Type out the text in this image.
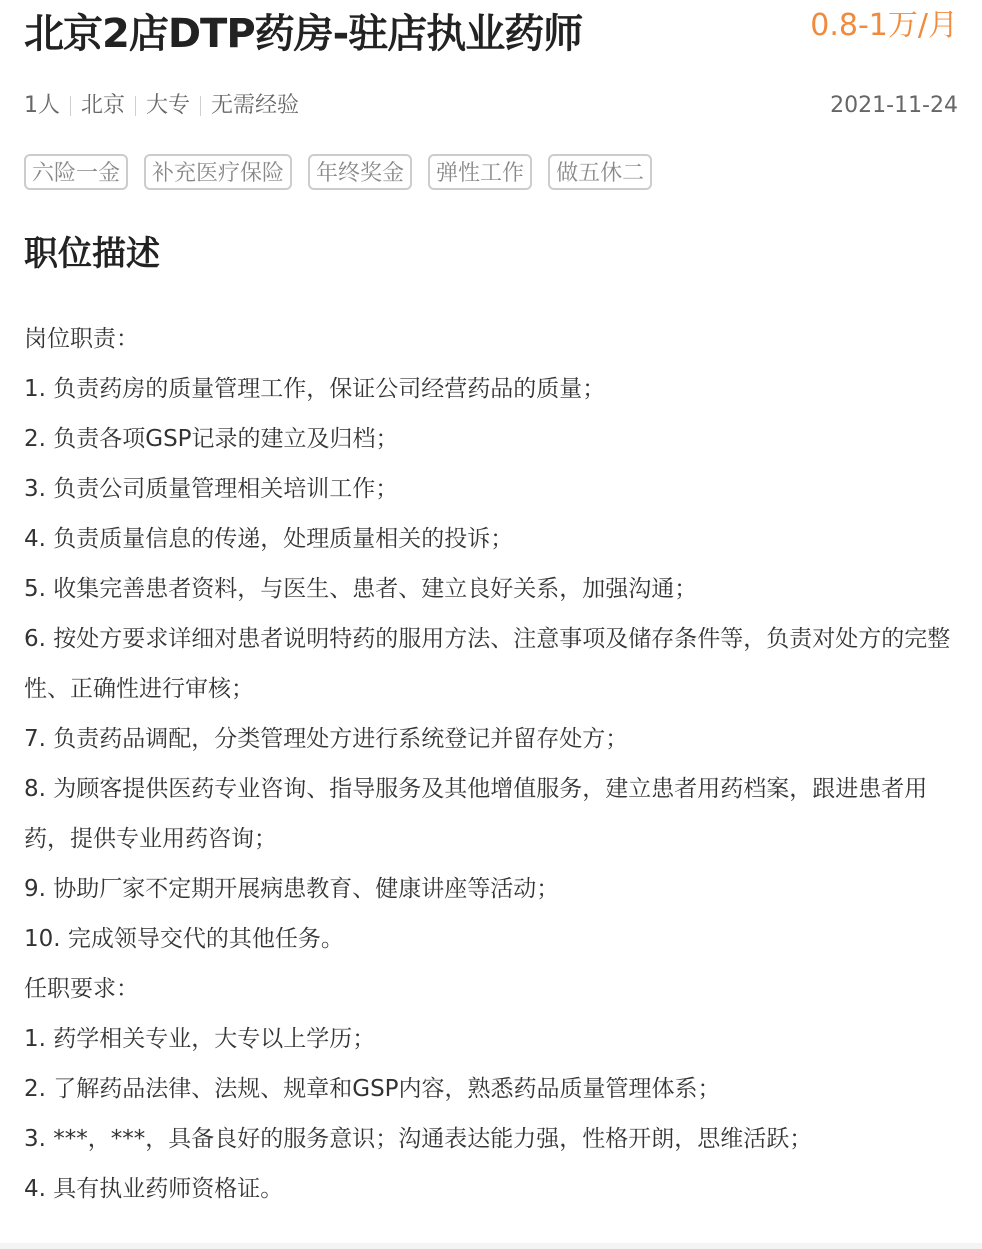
北京2店DTP药房-驻店执业药师	0.8-1万/月
1人 北京 大专 无需经验	2021-11-24
六险一金	补充医疗保险	年终奖金	弹性工作	做五休二
职位描述

岗位职责：

1. 负责药房的质量管理工作，保证公司经营药品的质量；

2. 负责各项GSP记录的建立及归档；

3. 负责公司质量管理相关培训工作；

4. 负责质量信息的传递，处理质量相关的投诉；

5. 收集完善患者资料，与医生、患者、建立良好关系，加强沟通；

6. 按处方要求详细对患者说明特药的服用方法、注意事项及储存条件等，负责对处方的完整性、正确性进行审核；

7. 负责药品调配，分类管理处方进行系统登记并留存处方；

8. 为顾客提供医药专业咨询、指导服务及其他增值服务，建立患者用药档案，跟进患者用药，提供专业用药咨询；

9. 协助厂家不定期开展病患教育、健康讲座等活动；

10. 完成领导交代的其他任务。

任职要求：

1. 药学相关专业，大专以上学历；

2. 了解药品法律、法规、规章和GSP内容，熟悉药品质量管理体系；

3. ***，***，具备良好的服务意识；沟通表达能力强，性格开朗，思维活跃；

4. 具有执业药师资格证。
